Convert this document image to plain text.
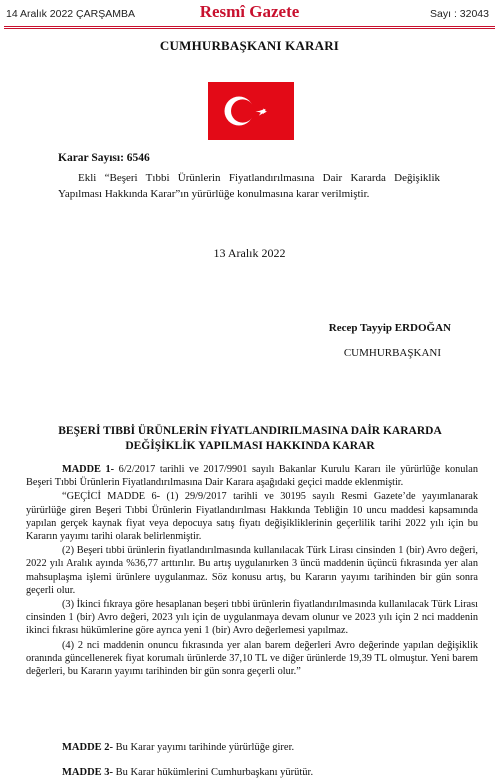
14 Aralık 2022 ÇARŞAMBA	Resmî Gazete	Sayı : 32043
CUMHURBAŞKANI KARARI
Karar Sayısı: 6546
Ekli “Beşeri Tıbbi Ürünlerin Fiyatlandırılmasına Dair Kararda Değişiklik Yapılması Hakkında Karar”ın yürürlüğe konulmasına karar verilmiştir.
13 Aralık 2022
Recep Tayyip ERDOĞAN
CUMHURBAŞKANI
BEŞERİ TIBBİ ÜRÜNLERİN FİYATLANDIRILMASINA DAİR KARARDA
DEĞİŞİKLİK YAPILMASI HAKKINDA KARAR

MADDE 1- 6/2/2017 tarihli ve 2017/9901 sayılı Bakanlar Kurulu Kararı ile yürürlüğe konulan Beşeri Tıbbi Ürünlerin Fiyatlandırılmasına Dair Karara aşağıdaki geçici madde eklenmiştir.

“GEÇİCİ MADDE 6- (1) 29/9/2017 tarihli ve 30195 sayılı Resmi Gazete’de yayımlanarak yürürlüğe giren Beşeri Tıbbi Ürünlerin Fiyatlandırılması Hakkında Tebliğin 10 uncu maddesi kapsamında yapılan gerçek kaynak fiyat veya depocuya satış fiyatı değişikliklerinin geçerlilik tarihi 2022 yılı için bu Kararın yayımı tarihi olarak belirlenmiştir.

(2) Beşeri tıbbi ürünlerin fiyatlandırılmasında kullanılacak Türk Lirası cinsinden 1 (bir) Avro değeri, 2022 yılı Aralık ayında %36,77 arttırılır. Bu artış uygulanırken 3 üncü maddenin üçüncü fıkrasında yer alan mahsuplaşma işlemi ürünlere uygulanmaz. Söz konusu artış, bu Kararın yayımı tarihinden bir gün sonra geçerli olur.

(3) İkinci fıkraya göre hesaplanan beşeri tıbbi ürünlerin fiyatlandırılmasında kullanılacak Türk Lirası cinsinden 1 (bir) Avro değeri, 2023 yılı için de uygulanmaya devam olunur ve 2023 yılı için 2 nci maddenin ikinci fıkrası hükümlerine göre ayrıca yeni 1 (bir) Avro değerlemesi yapılmaz.

(4) 2 nci maddenin onuncu fıkrasında yer alan barem değerleri Avro değerinde yapılan değişiklik oranında güncellenerek fiyat korumalı ürünlerde 37,10 TL ve diğer ürünlerde 19,39 TL olmuştur. Yeni barem değerleri, bu Kararın yayımı tarihinden bir gün sonra geçerli olur.”

MADDE 2- Bu Karar yayımı tarihinde yürürlüğe girer.
MADDE 3- Bu Karar hükümlerini Cumhurbaşkanı yürütür.
